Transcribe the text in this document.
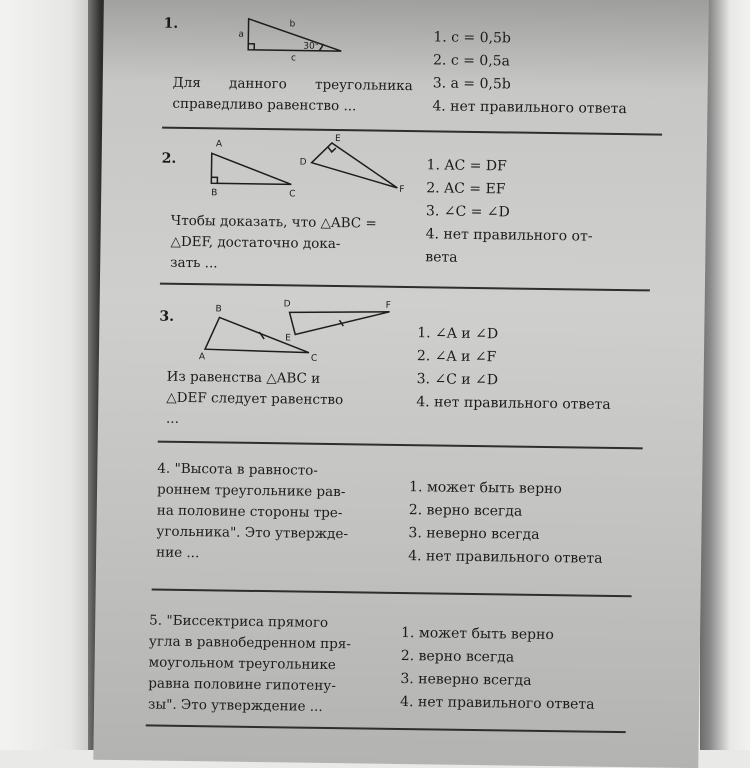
1.
a
b
c
30°
Для данного треугольника справедливо равенство ...
1. c = 0,5b
2. c = 0,5a
3. a = 0,5b
4. нет правильного ответа
2.
A
B	C
D
E
F

Чтобы доказать, что △ABC =

△DEF, достаточно дока-

зать ...

1. AC = DF
2. AC = EF
3. ∠C = ∠D
4. нет правильного от-
вета
3.
A
B
C
D
E
F

Из равенства △ABC и

△DEF следует равенство

...

1. ∠A и ∠D
2. ∠A и ∠F
3. ∠C и ∠D
4. нет правильного ответа

4. "Высота в равносто-

роннем треугольнике рав-

на половине стороны тре-

угольника". Это утвержде-

ние ...

1. может быть верно
2. верно всегда
3. неверно всегда
4. нет правильного ответа

5. "Биссектриса прямого

угла в равнобедренном пря-

моугольном треугольнике

равна половине гипотену-

зы". Это утверждение ...

1. может быть верно
2. верно всегда
3. неверно всегда
4. нет правильного ответа
